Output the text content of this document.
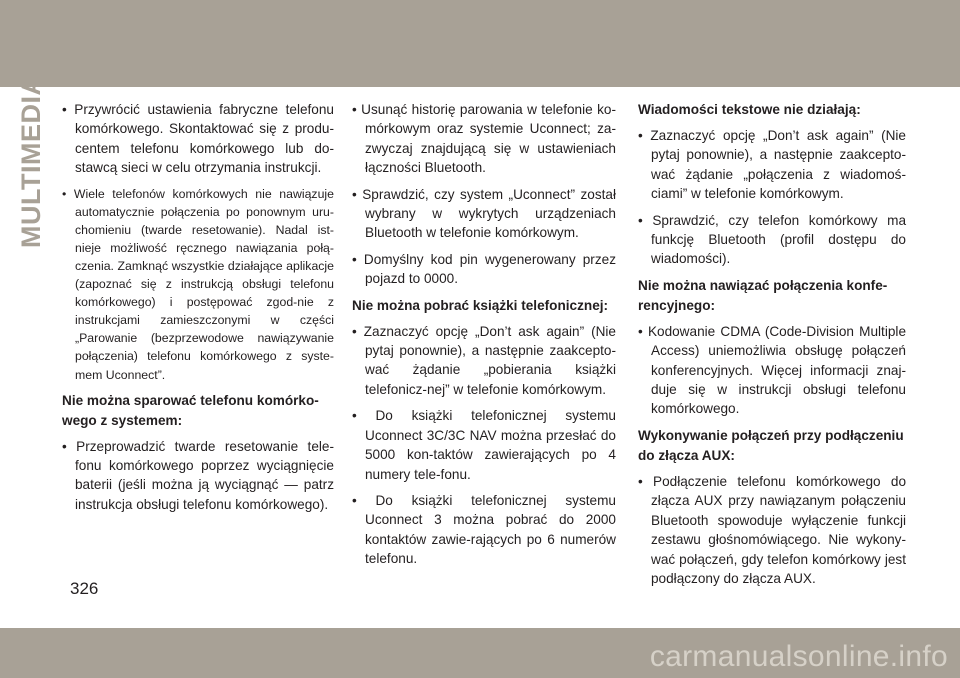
MULTIMEDIA • Przywrócić ustawienia fabryczne telefonu komórkowego. Skontaktować się z produ-centem telefonu komórkowego lub do-stawcą sieci w celu otrzymania instrukcji.

• Wiele telefonów komórkowych nie nawiązuje automatycznie połączenia po ponownym uru-chomieniu (twarde resetowanie). Nadal ist-nieje możliwość ręcznego nawiązania połą-czenia. Zamknąć wszystkie działające aplikacje (zapoznać się z instrukcją obsługi telefonu komórkowego) i postępować zgod-nie z instrukcjami zamieszczonymi w części „Parowanie (bezprzewodowe nawiązywanie połączenia) telefonu komórkowego z syste-mem Uconnect”.

Nie można sparować telefonu komórko-wego z systemem:

• Przeprowadzić twarde resetowanie tele-fonu komórkowego poprzez wyciągnięcie baterii (jeśli można ją wyciągnąć — patrz instrukcja obsługi telefonu komórkowego).

• Usunąć historię parowania w telefonie ko-mórkowym oraz systemie Uconnect; za-zwyczaj znajdującą się w ustawieniach łączności Bluetooth.

• Sprawdzić, czy system „Uconnect” został wybrany w wykrytych urządzeniach Bluetooth w telefonie komórkowym.

• Domyślny kod pin wygenerowany przez pojazd to 0000.

Nie można pobrać książki telefonicznej:

• Zaznaczyć opcję „Don’t ask again” (Nie pytaj ponownie), a następnie zaakcepto-wać żądanie „pobierania książki telefonicz-nej” w telefonie komórkowym.

• Do książki telefonicznej systemu Uconnect 3C/3C NAV można przesłać do 5000 kon-taktów zawierających po 4 numery tele-fonu.

• Do książki telefonicznej systemu Uconnect 3 można pobrać do 2000 kontaktów zawie-rających po 6 numerów telefonu.

Wiadomości tekstowe nie działają:

• Zaznaczyć opcję „Don’t ask again” (Nie pytaj ponownie), a następnie zaakcepto-wać żądanie „połączenia z wiadomoś-ciami” w telefonie komórkowym.

• Sprawdzić, czy telefon komórkowy ma funkcję Bluetooth (profil dostępu do wiadomości).

Nie można nawiązać połączenia konfe-rencyjnego:

• Kodowanie CDMA (Code-Division Multiple Access) uniemożliwia obsługę połączeń konferencyjnych. Więcej informacji znaj-duje się w instrukcji obsługi telefonu komórkowego.

Wykonywanie połączeń przy podłączeniu do złącza AUX:

• Podłączenie telefonu komórkowego do złącza AUX przy nawiązanym połączeniu Bluetooth spowoduje wyłączenie funkcji zestawu głośnomówiącego. Nie wykony-wać połączeń, gdy telefon komórkowy jest podłączony do złącza AUX.

326
carmanualsonline.info
